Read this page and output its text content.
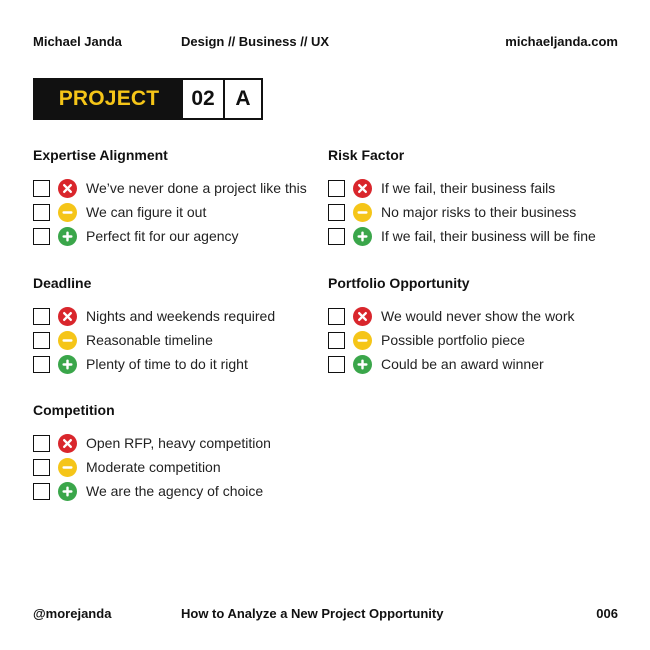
Michael Janda	Design // Business // UX	michaeljanda.com
PROJECT	02 A
Expertise Alignment
We’ve never done a project like this
We can figure it out
Perfect fit for our agency
Risk Factor
If we fail, their business fails
No major risks to their business
If we fail, their business will be fine
Deadline
Nights and weekends required
Reasonable timeline
Plenty of time to do it right
Portfolio Opportunity
We would never show the work
Possible portfolio piece
Could be an award winner
Competition
Open RFP, heavy competition
Moderate competition
We are the agency of choice
@morejanda	How to Analyze a New Project Opportunity	006
